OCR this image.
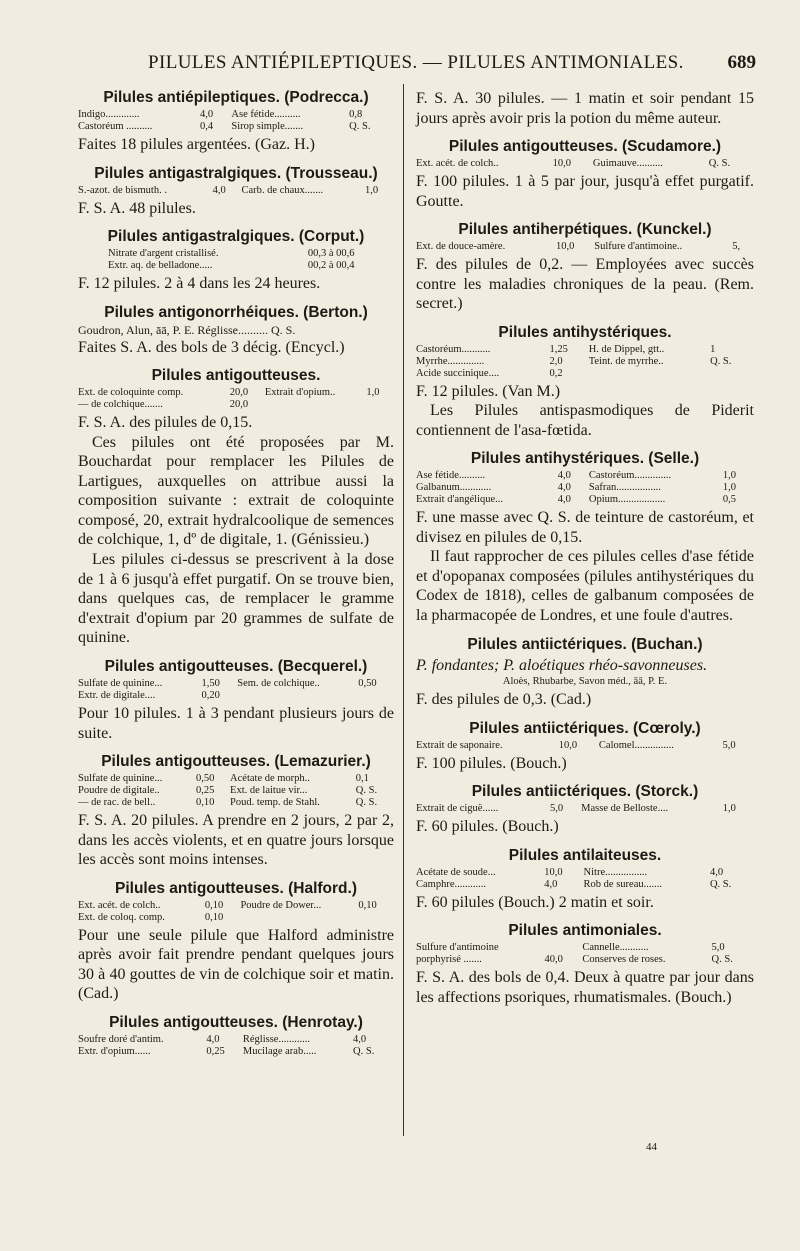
PILULES ANTIÉPILEPTIQUES. — PILULES ANTIMONIALES. 689

Pilules antiépileptiques. (Podrecca.)

Indigo.............	4,0	Ase fétide..........	0,8
Castoréum ..........	0,4	Sirop simple.......	Q. S.

Faites 18 pilules argentées. (Gaz. H.)

Pilules antigastralgiques. (Trousseau.)

S.-azot. de bismuth. .	4,0	Carb. de chaux.......	1,0

F. S. A. 48 pilules.

Pilules antigastralgiques. (Corput.)

Nitrate d'argent cristallisé.	00,3 à 00,6
Extr. aq. de belladone.....	00,2 à 00,4

F. 12 pilules. 2 à 4 dans les 24 heures.

Pilules antigonorrhéiques. (Berton.)

Goudron, Alun, āā, P. E. Réglisse.......... Q. S.

Faites S. A. des bols de 3 décig. (Encycl.)

Pilules antigoutteuses.

Ext. de coloquinte comp.	20,0	Extrait d'opium..	1,0
— de colchique.......	20,0		

F. S. A. des pilules de 0,15.

Ces pilules ont été proposées par M. Bouchardat pour remplacer les Pilules de Lartigues, auxquelles on attribue aussi la composition suivante : extrait de coloquinte composé, 20, extrait hydralcoolique de semences de colchique, 1, dº de digitale, 1. (Génissieu.)

Les pilules ci-dessus se prescrivent à la dose de 1 à 6 jusqu'à effet purgatif. On se trouve bien, dans quelques cas, de remplacer le gramme d'extrait d'opium par 20 grammes de sulfate de quinine.

Pilules antigoutteuses. (Becquerel.)

Sulfate de quinine...	1,50	Sem. de colchique..	0,50
Extr. de digitale....	0,20		

Pour 10 pilules. 1 à 3 pendant plusieurs jours de suite.

Pilules antigoutteuses. (Lemazurier.)

Sulfate de quinine...	0,50	Acétate de morph..	0,1
Poudre de digitale..	0,25	Ext. de laitue vir...	Q. S.
— de rac. de bell..	0,10	Poud. temp. de Stahl.	Q. S.

F. S. A. 20 pilules. A prendre en 2 jours, 2 par 2, dans les accès violents, et en quatre jours lorsque les accès sont moins intenses.

Pilules antigoutteuses. (Halford.)

Ext. acét. de colch..	0,10	Poudre de Dower...	0,10
Ext. de coloq. comp.	0,10		

Pour une seule pilule que Halford administre après avoir fait prendre pendant quelques jours 30 à 40 gouttes de vin de colchique soir et matin. (Cad.)

Pilules antigoutteuses. (Henrotay.)

Soufre doré d'antim.	4,0	Réglisse............	4,0
Extr. d'opium......	0,25	Mucilage arab.....	Q. S.

F. S. A. 30 pilules. — 1 matin et soir pendant 15 jours après avoir pris la potion du même auteur.

Pilules antigoutteuses. (Scudamore.)

Ext. acét. de colch..	10,0	Guimauve..........	Q. S.

F. 100 pilules. 1 à 5 par jour, jusqu'à effet purgatif. Goutte.

Pilules antiherpétiques. (Kunckel.)

Ext. de douce-amère.	10,0	Sulfure d'antimoine..	5,

F. des pilules de 0,2. — Employées avec succès contre les maladies chroniques de la peau. (Rem. secret.)

Pilules antihystériques.

Castoréum...........	1,25	H. de Dippel, gtt..	1
Myrrhe..............	2,0	Teint. de myrrhe..	Q. S.
Acide succinique....	0,2		

F. 12 pilules. (Van M.)

Les Pilules antispasmodiques de Piderit contiennent de l'asa-fœtida.

Pilules antihystériques. (Selle.)

Ase fétide..........	4,0	Castoréum..............	1,0
Galbanum............	4,0	Safran.................	1,0
Extrait d'angélique...	4,0	Opium..................	0,5

F. une masse avec Q. S. de teinture de castoréum, et divisez en pilules de 0,15.

Il faut rapprocher de ces pilules celles d'ase fétide et d'opopanax composées (pilules antihystériques du Codex de 1818), celles de galbanum composées de la pharmacopée de Londres, et une foule d'autres.

Pilules antiictériques. (Buchan.)

P. fondantes; P. aloétiques rhéo-savonneuses.

Aloès, Rhubarbe, Savon méd., āā, P. E.

F. des pilules de 0,3. (Cad.)

Pilules antiictériques. (Cœroly.)

Extrait de saponaire.	10,0	Calomel...............	5,0

F. 100 pilules. (Bouch.)

Pilules antiictériques. (Storck.)

Extrait de ciguë......	5,0	Masse de Belloste....	1,0

F. 60 pilules. (Bouch.)

Pilules antilaiteuses.

Acétate de soude...	10,0	Nitre................	4,0
Camphre............	4,0	Rob de sureau.......	Q. S.

F. 60 pilules (Bouch.) 2 matin et soir.

Pilules antimoniales.

Sulfure d'antimoine		Cannelle...........	5,0
porphyrisé .......	40,0	Conserves de roses.	Q. S.

F. S. A. des bols de 0,4. Deux à quatre par jour dans les affections psoriques, rhumatismales. (Bouch.)

44
